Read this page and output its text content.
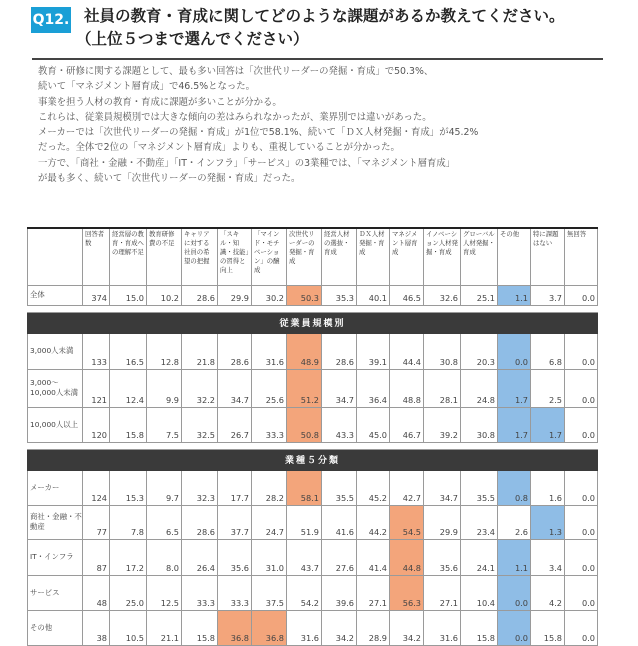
Q12. 社員の教育・育成に関してどのような課題があるか教えてください。
（上位５つまで選んでください）

教育・研修に関する課題として、最も多い回答は「次世代リーダーの発掘・育成」で50.3%、

続いて「マネジメント層育成」で46.5%となった。

事業を担う人材の教育・育成に課題が多いことが分かる。

これらは、従業員規模別では大きな傾向の差はみられなかったが、業界別では違いがあった。

メーカーでは「次世代リーダーの発掘・育成」が1位で58.1%、続いて「ＤＸ人材発掘・育成」が45.2%

だった。全体で2位の「マネジメント層育成」よりも、重視していることが分かった。

一方で、「商社・金融・不動産」「IT・インフラ」「サービス」の3業種では、「マネジメント層育成」

が最も多く、続いて「次世代リーダーの発掘・育成」だった。

	回答者数	経営層の教育・育成への理解不足	教育研修費の不足	キャリアに対する社員の希望の把握	「スキル・知識・技能」の習得と向上	「マインド・モチベーション」の醸成	次世代リーダーの発掘・育成	経営人材の選抜・育成	ＤＸ人材発掘・育成	マネジメント層育成	イノベーション人材発掘・育成	グローバル人材発掘・育成	その他	特に課題はない	無回答
全体	374	15.0	10.2	28.6	29.9	30.2	50.3	35.3	40.1	46.5	32.6	25.1	1.1	3.7	0.0

従業員規模別															
3,000人未満	133	16.5	12.8	21.8	28.6	31.6	48.9	28.6	39.1	44.4	30.8	20.3	0.0	6.8	0.0
3,000～10,000人未満	121	12.4	9.9	32.2	34.7	25.6	51.2	34.7	36.4	48.8	28.1	24.8	1.7	2.5	0.0
10,000人以上	120	15.8	7.5	32.5	26.7	33.3	50.8	43.3	45.0	46.7	39.2	30.8	1.7	1.7	0.0

業種５分類															
メーカー	124	15.3	9.7	32.3	17.7	28.2	58.1	35.5	45.2	42.7	34.7	35.5	0.8	1.6	0.0
商社・金融・不動産	77	7.8	6.5	28.6	37.7	24.7	51.9	41.6	44.2	54.5	29.9	23.4	2.6	1.3	0.0
IT・インフラ	87	17.2	8.0	26.4	35.6	31.0	43.7	27.6	41.4	44.8	35.6	24.1	1.1	3.4	0.0
サービス	48	25.0	12.5	33.3	33.3	37.5	54.2	39.6	27.1	56.3	27.1	10.4	0.0	4.2	0.0
その他	38	10.5	21.1	15.8	36.8	36.8	31.6	34.2	28.9	34.2	31.6	15.8	0.0	15.8	0.0
